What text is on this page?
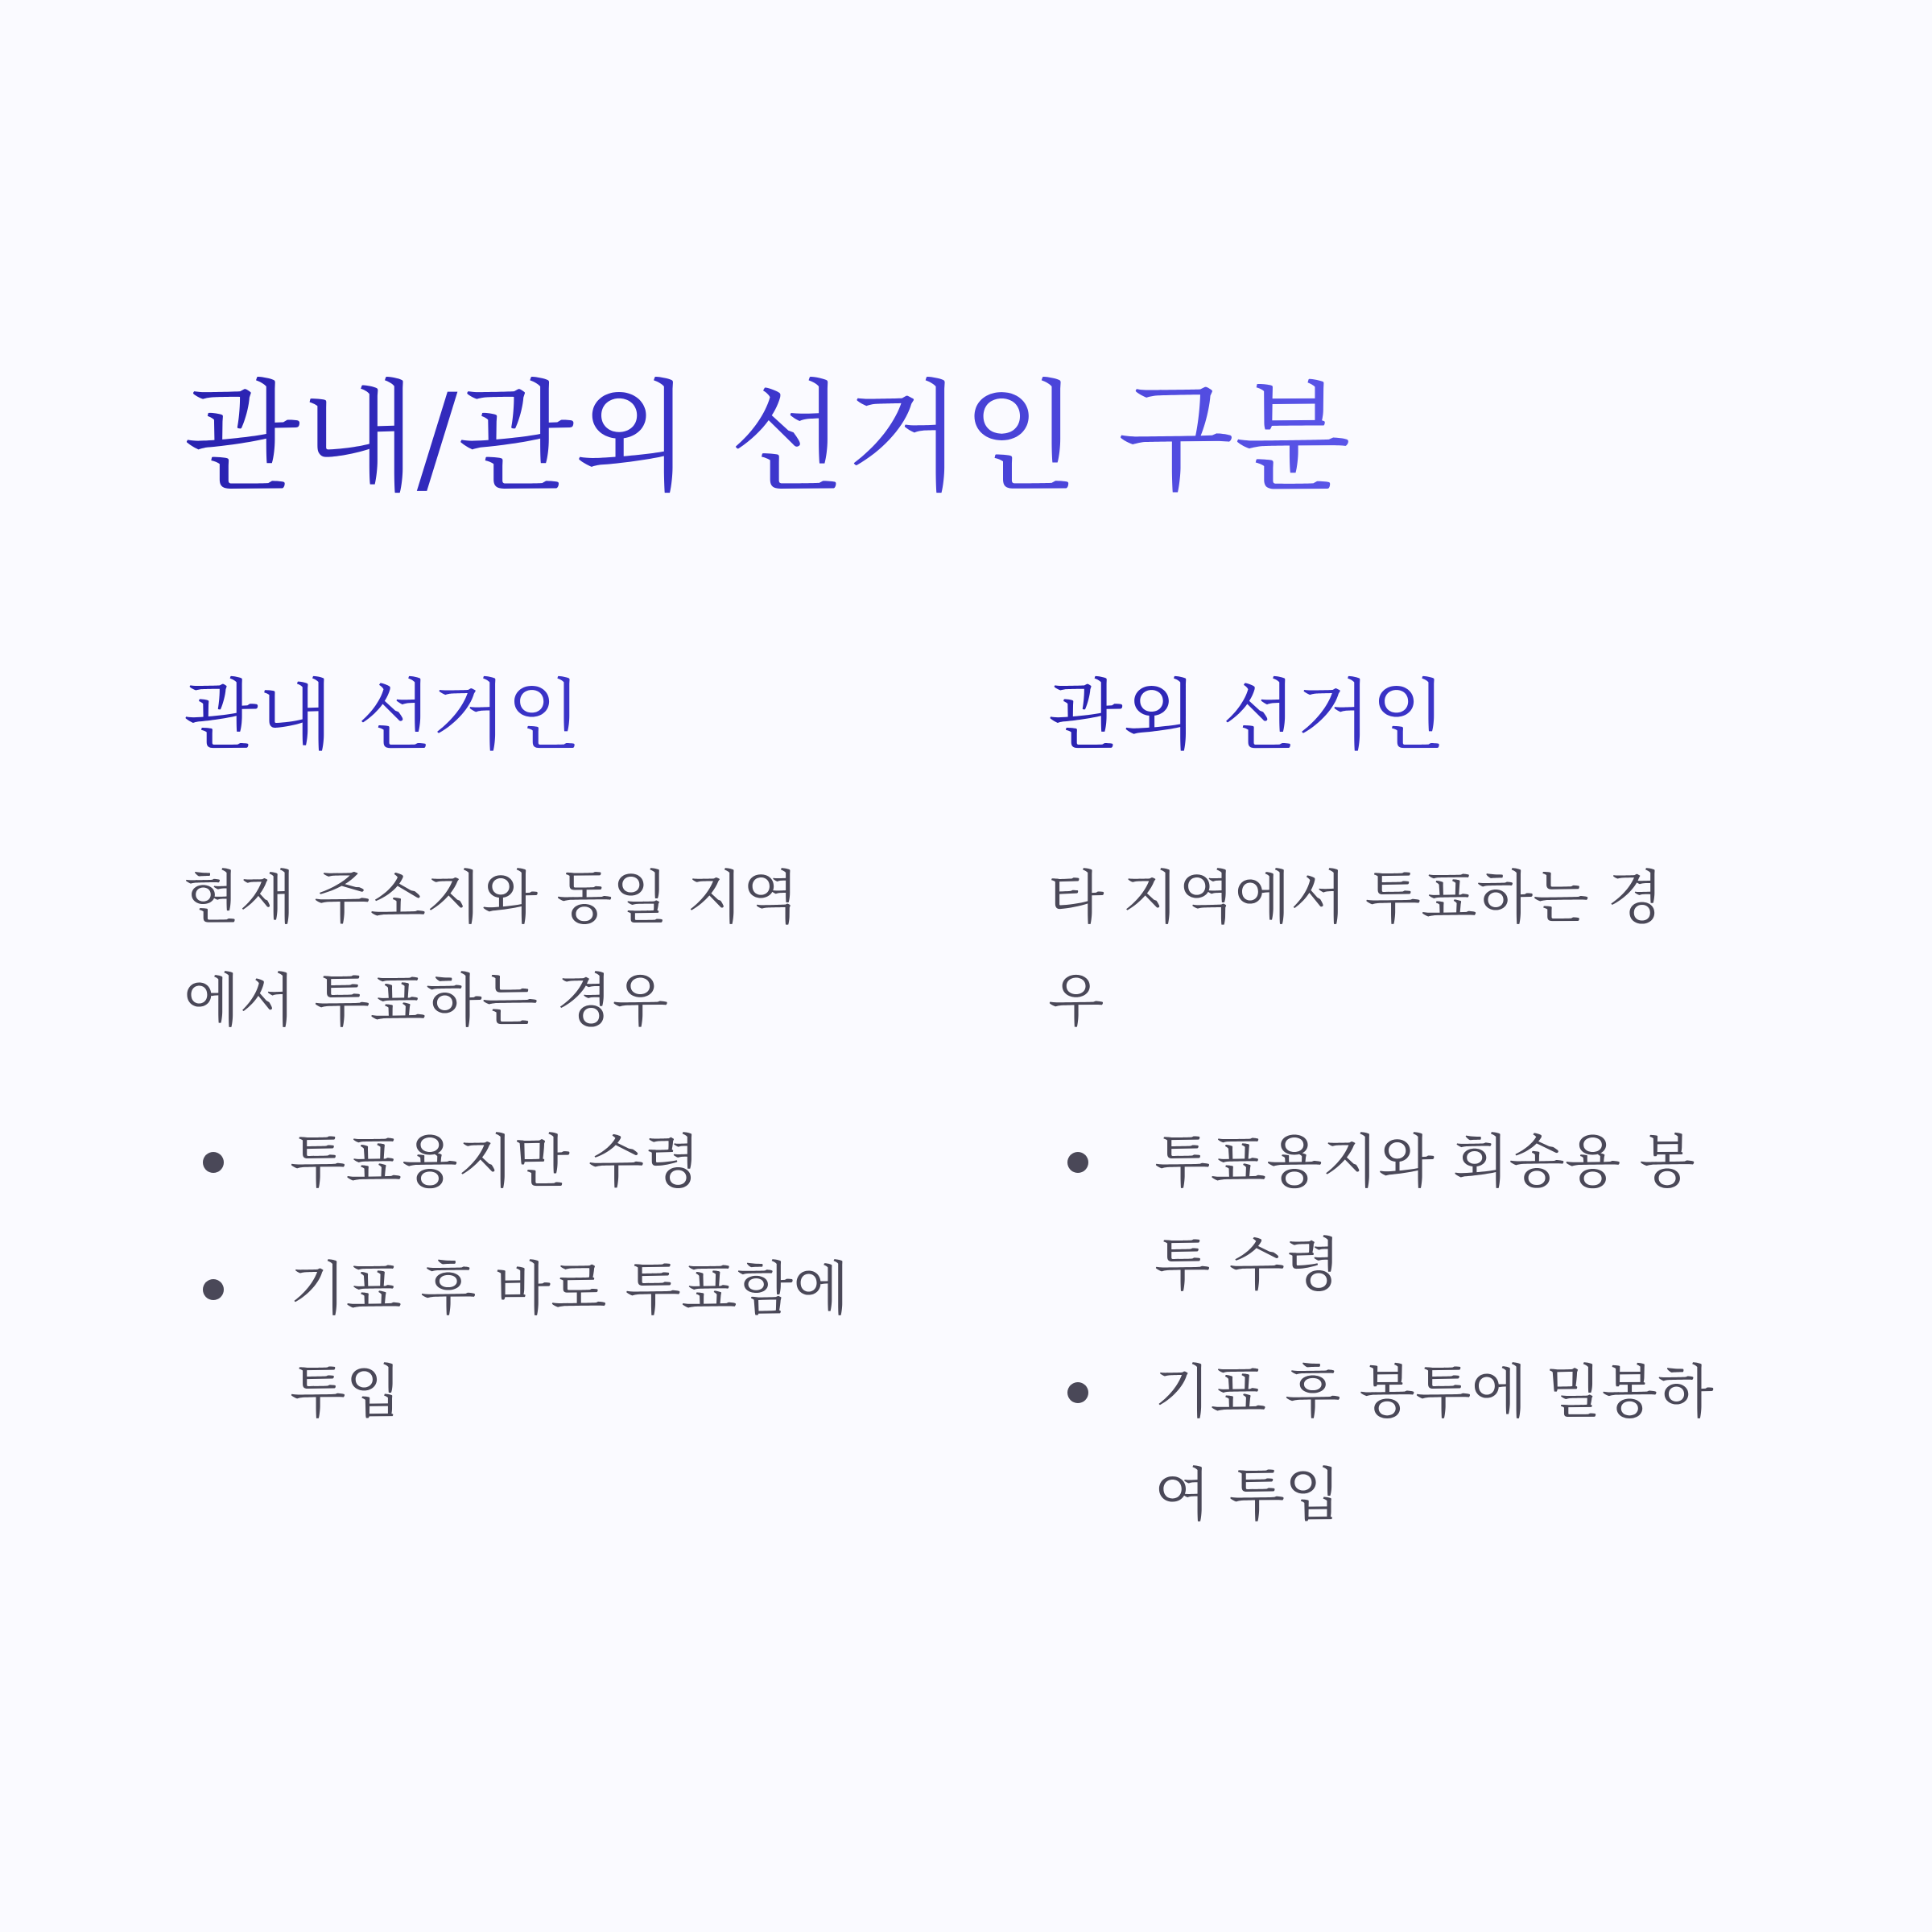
관내/관외 선거인 구분
관내 선거인

현재 주소지와 동일 지역에서 투표하는 경우

투표용지만 수령
기표 후 바로 투표함에 투입
관외 선거인

타 지역에서 투표하는 경우

투표용지와 회송용 봉투 수령
기표 후 봉투에 밀봉하여 투입
